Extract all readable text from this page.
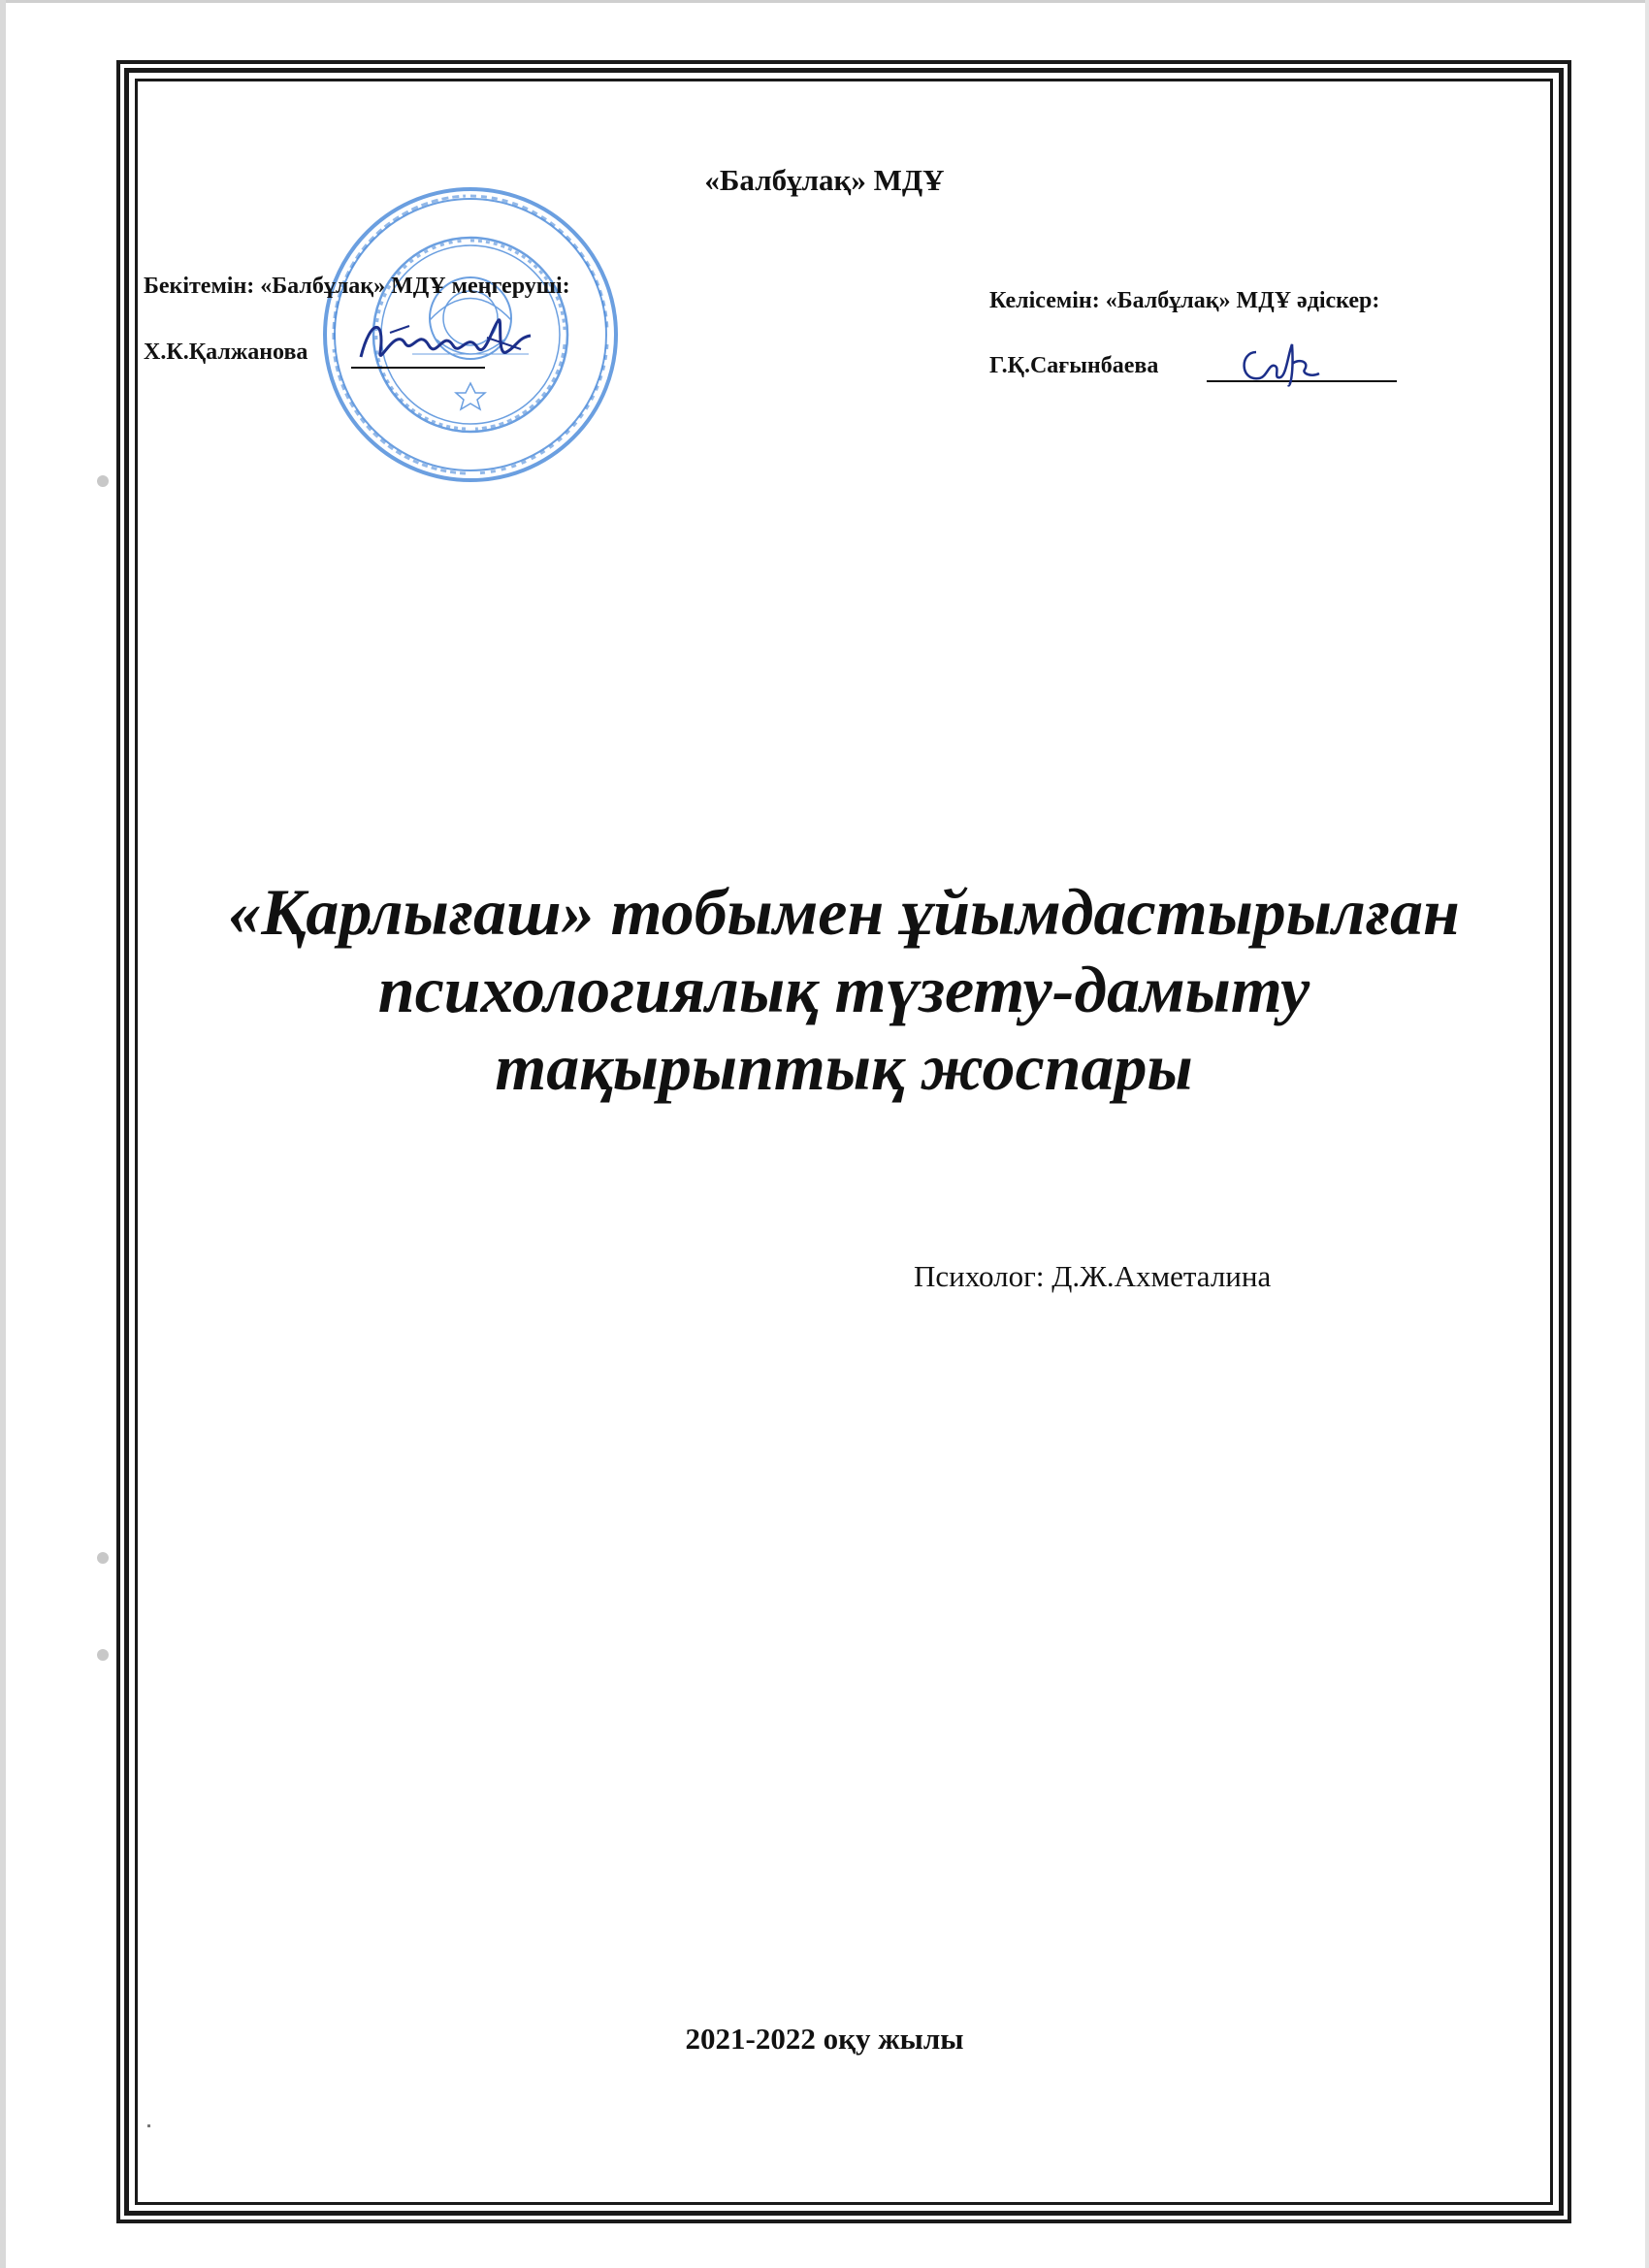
«Балбұлақ» МДҰ
Бекітемін: «Балбұлақ» МДҰ меңгеруші:
Х.К.Қалжанова
Келісемін: «Балбұлақ» МДҰ әдіскер:
Г.Қ.Сағынбаева
«Қарлығаш» тобымен ұйымдастырылған
психологиялық түзету-дамыту
тақырыптық жоспары
Психолог: Д.Ж.Ахметалина
2021-2022 оқу жылы
